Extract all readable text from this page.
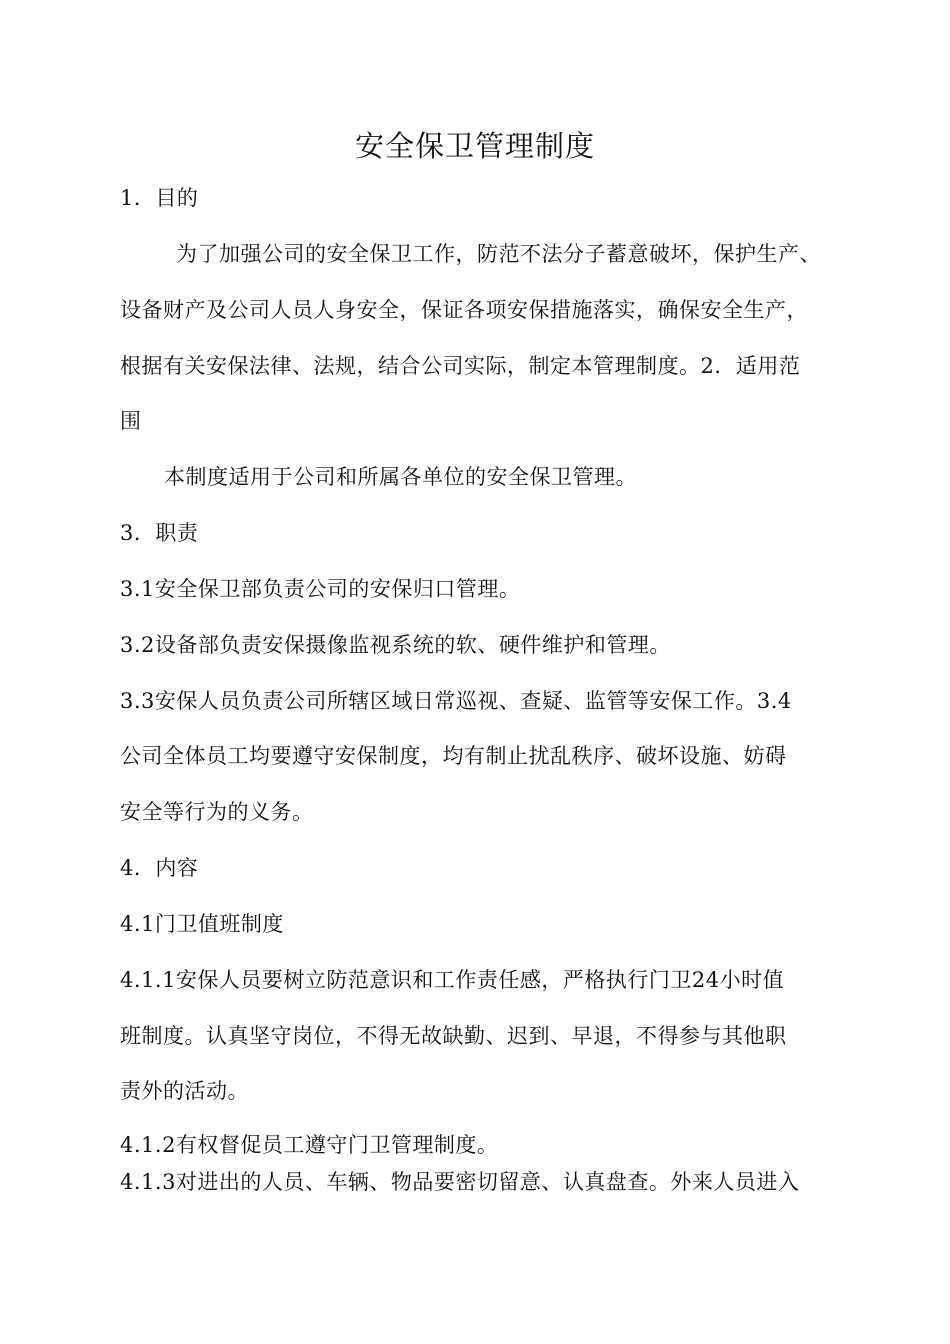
安全保卫管理制度
1．目的
为了加强公司的安全保卫工作，防范不法分子蓄意破坏，保护生产、
设备财产及公司人员人身安全，保证各项安保措施落实，确保安全生产，
根据有关安保法律、法规，结合公司实际，制定本管理制度。2．适用范
围
本制度适用于公司和所属各单位的安全保卫管理。
3．职责
3.1安全保卫部负责公司的安保归口管理。
3.2设备部负责安保摄像监视系统的软、硬件维护和管理。
3.3安保人员负责公司所辖区域日常巡视、查疑、监管等安保工作。3.4
公司全体员工均要遵守安保制度，均有制止扰乱秩序、破坏设施、妨碍
安全等行为的义务。
4．内容
4.1门卫值班制度
4.1.1安保人员要树立防范意识和工作责任感，严格执行门卫24小时值
班制度。认真坚守岗位，不得无故缺勤、迟到、早退，不得参与其他职
责外的活动。
4.1.2有权督促员工遵守门卫管理制度。
4.1.3对进出的人员、车辆、物品要密切留意、认真盘查。外来人员进入
